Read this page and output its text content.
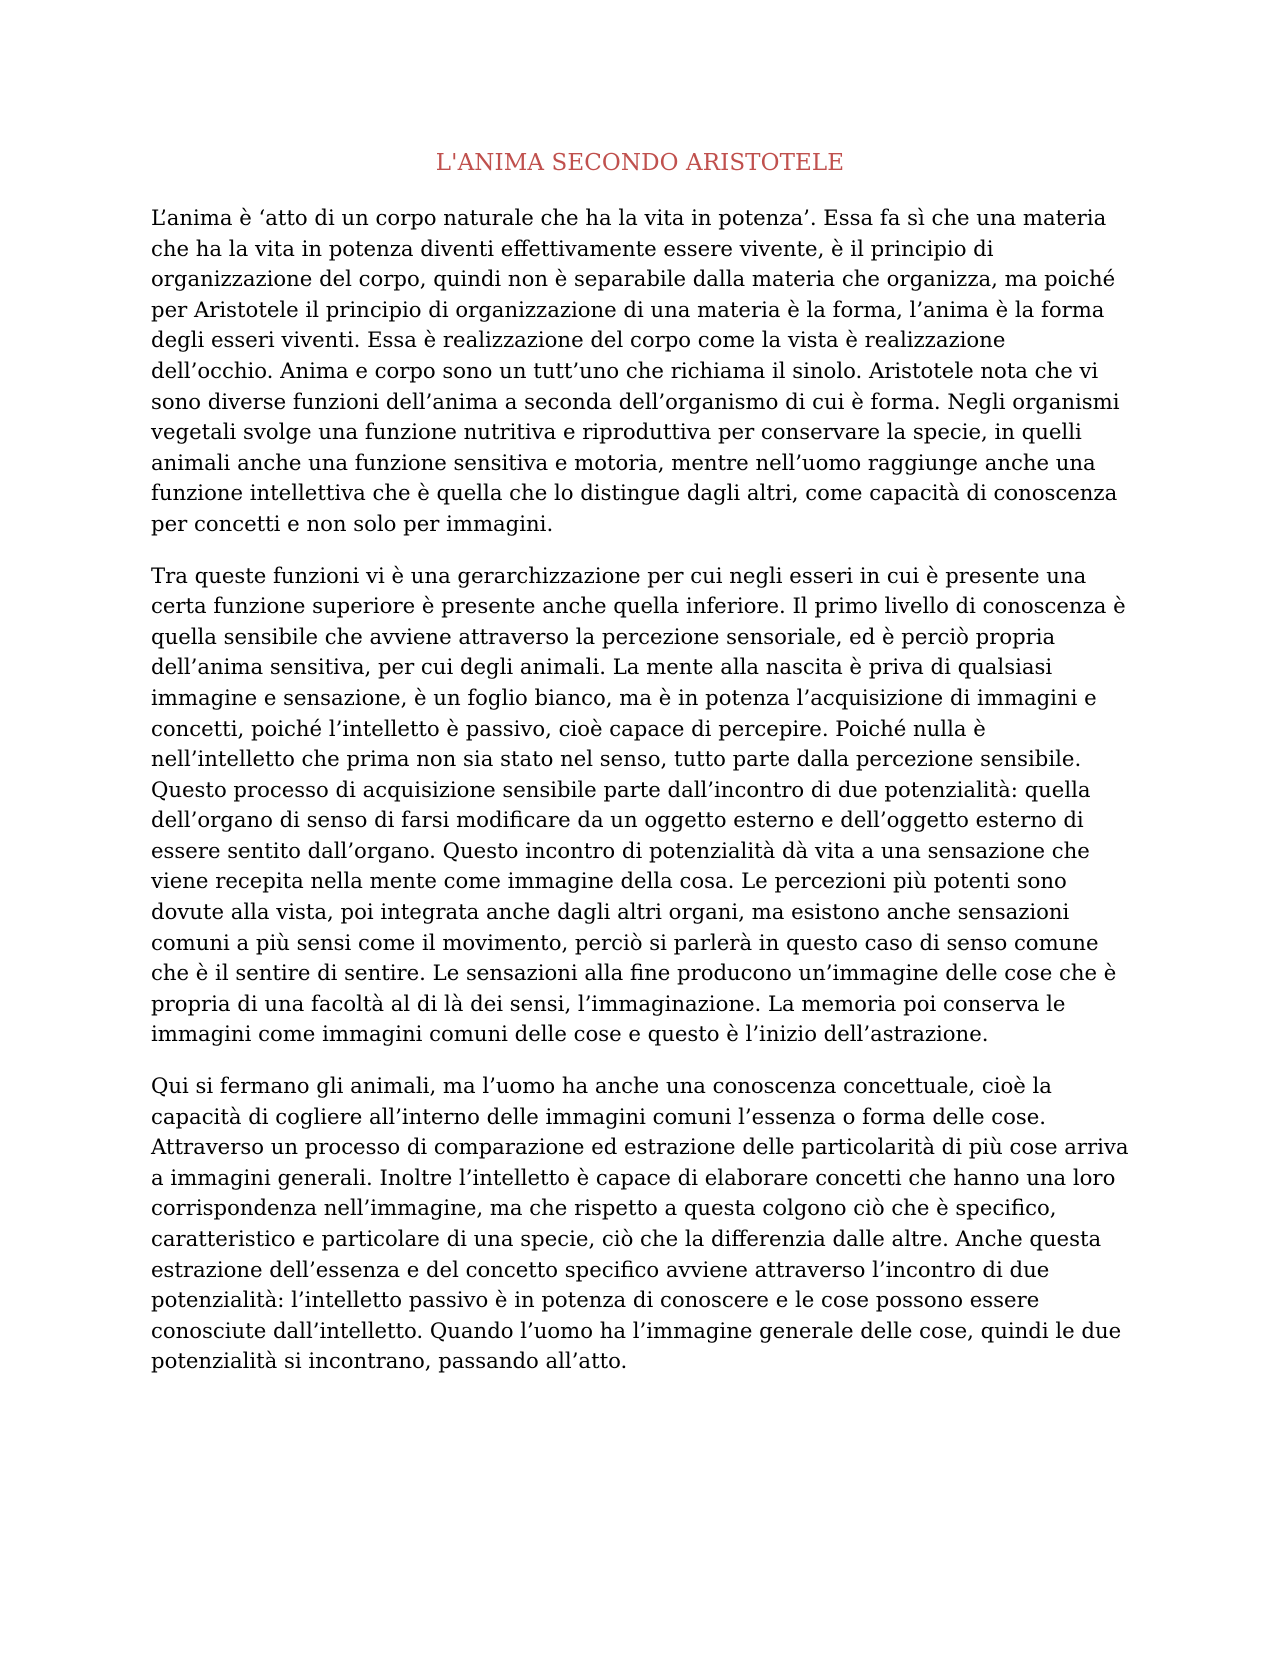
L'ANIMA SECONDO ARISTOTELE

L’anima è ‘atto di un corpo naturale che ha la vita in potenza’. Essa fa sì che una materia che ha la vita in potenza diventi effettivamente essere vivente, è il principio di organizzazione del corpo, quindi non è separabile dalla materia che organizza, ma poiché per Aristotele il principio di organizzazione di una materia è la forma, l’anima è la forma degli esseri viventi. Essa è realizzazione del corpo come la vista è realizzazione dell’occhio. Anima e corpo sono un tutt’uno che richiama il sinolo. Aristotele nota che vi sono diverse funzioni dell’anima a seconda dell’organismo di cui è forma. Negli organismi vegetali svolge una funzione nutritiva e riproduttiva per conservare la specie, in quelli animali anche una funzione sensitiva e motoria, mentre nell’uomo raggiunge anche una funzione intellettiva che è quella che lo distingue dagli altri, come capacità di conoscenza per concetti e non solo per immagini.

Tra queste funzioni vi è una gerarchizzazione per cui negli esseri in cui è presente una certa funzione superiore è presente anche quella inferiore. Il primo livello di conoscenza è quella sensibile che avviene attraverso la percezione sensoriale, ed è perciò propria dell’anima sensitiva, per cui degli animali. La mente alla nascita è priva di qualsiasi immagine e sensazione, è un foglio bianco, ma è in potenza l’acquisizione di immagini e concetti, poiché l’intelletto è passivo, cioè capace di percepire. Poiché nulla è nell’intelletto che prima non sia stato nel senso, tutto parte dalla percezione sensibile. Questo processo di acquisizione sensibile parte dall’incontro di due potenzialità: quella dell’organo di senso di farsi modificare da un oggetto esterno e dell’oggetto esterno di essere sentito dall’organo. Questo incontro di potenzialità dà vita a una sensazione che viene recepita nella mente come immagine della cosa. Le percezioni più potenti sono dovute alla vista, poi integrata anche dagli altri organi, ma esistono anche sensazioni comuni a più sensi come il movimento, perciò si parlerà in questo caso di senso comune che è il sentire di sentire. Le sensazioni alla fine producono un’immagine delle cose che è propria di una facoltà al di là dei sensi, l’immaginazione. La memoria poi conserva le immagini come immagini comuni delle cose e questo è l’inizio dell’astrazione.

Qui si fermano gli animali, ma l’uomo ha anche una conoscenza concettuale, cioè la capacità di cogliere all’interno delle immagini comuni l’essenza o forma delle cose. Attraverso un processo di comparazione ed estrazione delle particolarità di più cose arriva a immagini generali. Inoltre l’intelletto è capace di elaborare concetti che hanno una loro corrispondenza nell’immagine, ma che rispetto a questa colgono ciò che è specifico, caratteristico e particolare di una specie, ciò che la differenzia dalle altre. Anche questa estrazione dell’essenza e del concetto specifico avviene attraverso l’incontro di due potenzialità: l’intelletto passivo è in potenza di conoscere e le cose possono essere conosciute dall’intelletto. Quando l’uomo ha l’immagine generale delle cose, quindi le due potenzialità si incontrano, passando all’atto.
